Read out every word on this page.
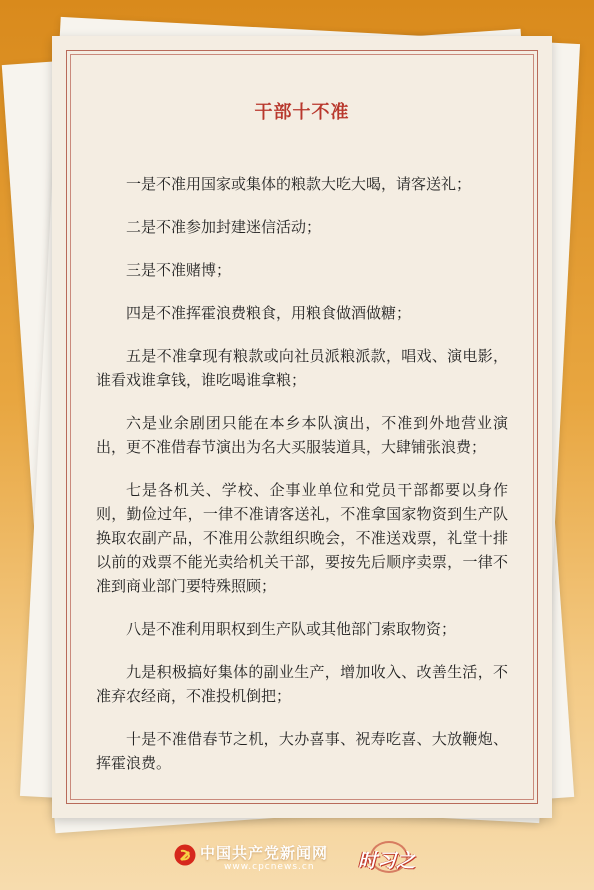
干部十不准

一是不准用国家或集体的粮款大吃大喝，请客送礼；

二是不准参加封建迷信活动；

三是不准赌博；

四是不准挥霍浪费粮食，用粮食做酒做糖；

五是不准拿现有粮款或向社员派粮派款，唱戏、演电影，谁看戏谁拿钱，谁吃喝谁拿粮；

六是业余剧团只能在本乡本队演出，不准到外地营业演出，更不准借春节演出为名大买服装道具，大肆铺张浪费；

七是各机关、学校、企事业单位和党员干部都要以身作则，勤俭过年，一律不准请客送礼，不准拿国家物资到生产队换取农副产品，不准用公款组织晚会，不准送戏票，礼堂十排以前的戏票不能光卖给机关干部，要按先后顺序卖票，一律不准到商业部门要特殊照顾；

八是不准利用职权到生产队或其他部门索取物资；

九是积极搞好集体的副业生产，增加收入、改善生活，不准弃农经商，不准投机倒把；

十是不准借春节之机，大办喜事、祝寿吃喜、大放鞭炮、挥霍浪费。

中国共产党新闻网
www.cpcnews.cn 时习之
